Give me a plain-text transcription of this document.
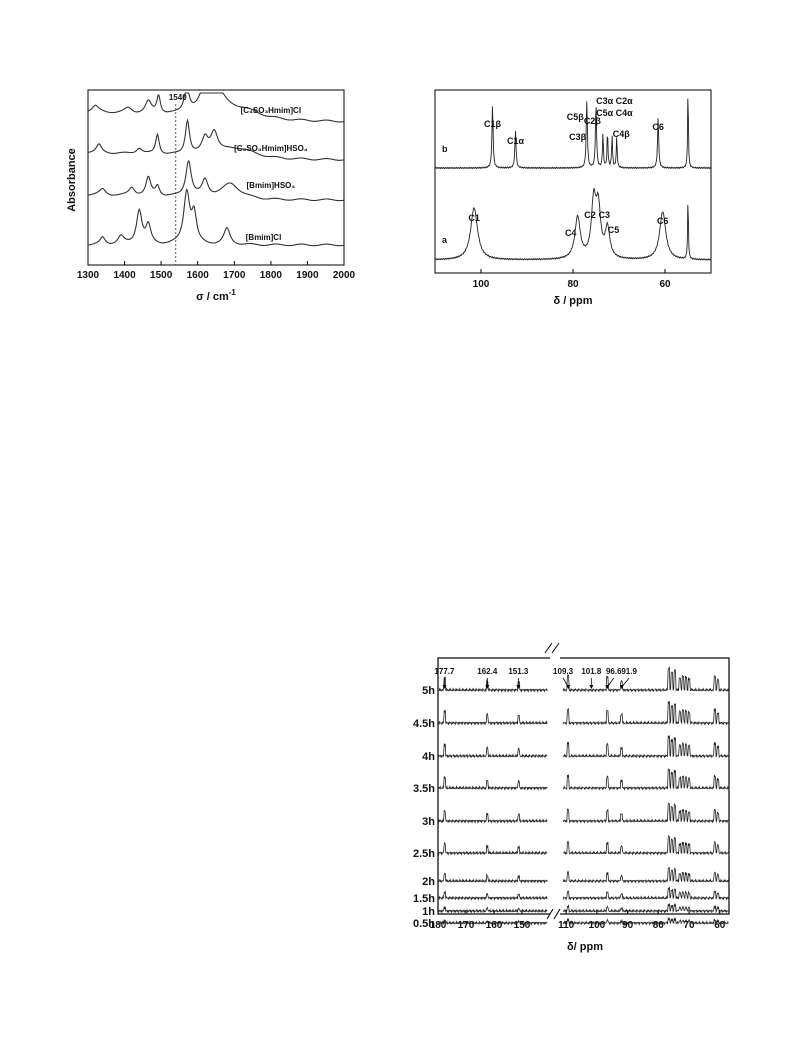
1300 1400 1500 1600 1700 1800 1900 2000
1540
[C₄SO₃Hmim]Cl
[C₄SO₃Hmim]HSO₄
[Bmim]HSO₄
[Bmim]Cl
Absorbance
σ / $cm^{-1}$
100	80	60
C1β
C1α
C5β C2β
C3β
C3α C2α
C5α C4α
C4β
C6
C1	C2 C3
C4	C5
C6
b
a
δ / ppm
180 170 160 150	110 100 90 80 70 60
177.7	162.4 151.3	109.3 101.8 96.6 91.9
5h
4.5h
4h
3.5h
3h
2.5h
2h
1.5h
1h
0.5h
δ/ ppm
